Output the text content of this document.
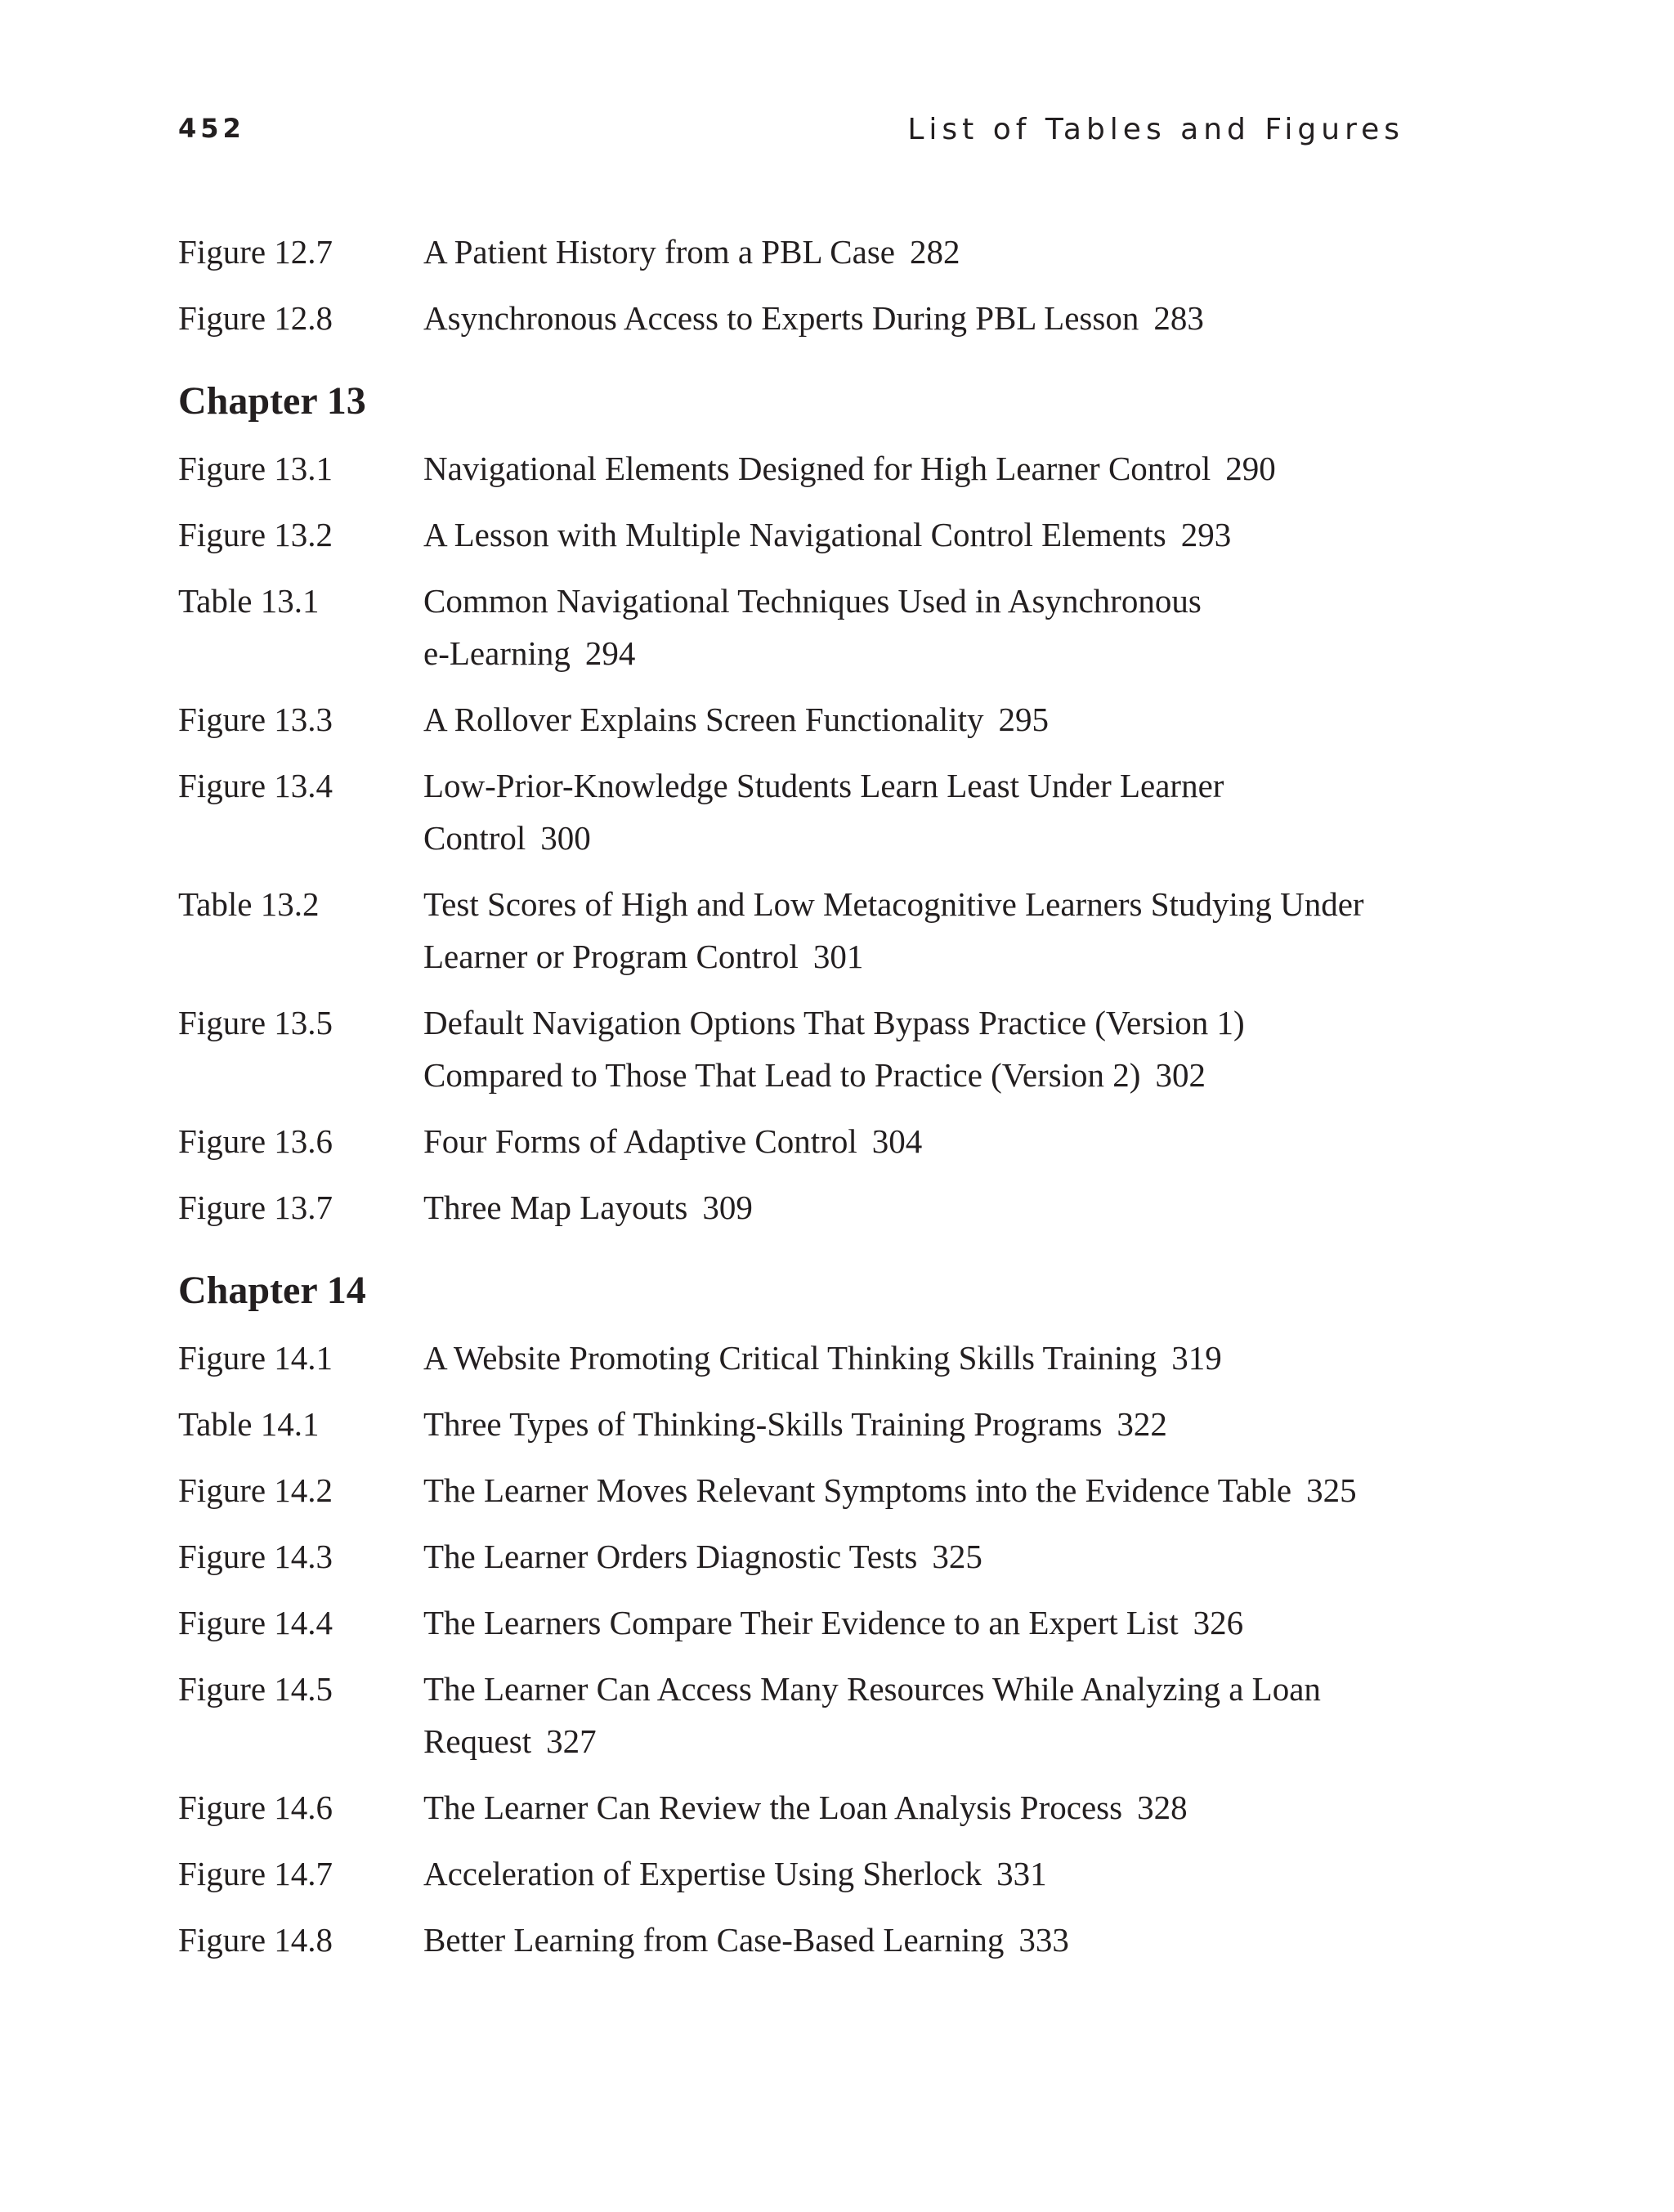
452	List of Tables and Figures
Figure 12.7	A Patient History from a PBL Case 282
Figure 12.8	Asynchronous Access to Experts During PBL Lesson 283
Chapter 13
Figure 13.1	Navigational Elements Designed for High Learner Control 290
Figure 13.2	A Lesson with Multiple Navigational Control Elements 293
Table 13.1	Common Navigational Techniques Used in Asynchronous
e-Learning 294
Figure 13.3	A Rollover Explains Screen Functionality 295
Figure 13.4	Low-Prior-Knowledge Students Learn Least Under Learner
Control 300
Table 13.2	Test Scores of High and Low Metacognitive Learners Studying Under
Learner or Program Control 301
Figure 13.5	Default Navigation Options That Bypass Practice (Version 1)
Compared to Those That Lead to Practice (Version 2) 302
Figure 13.6	Four Forms of Adaptive Control 304
Figure 13.7	Three Map Layouts 309
Chapter 14
Figure 14.1	A Website Promoting Critical Thinking Skills Training 319
Table 14.1	Three Types of Thinking-Skills Training Programs 322
Figure 14.2	The Learner Moves Relevant Symptoms into the Evidence Table 325
Figure 14.3	The Learner Orders Diagnostic Tests 325
Figure 14.4	The Learners Compare Their Evidence to an Expert List 326
Figure 14.5	The Learner Can Access Many Resources While Analyzing a Loan
Request 327
Figure 14.6	The Learner Can Review the Loan Analysis Process 328
Figure 14.7	Acceleration of Expertise Using Sherlock 331
Figure 14.8	Better Learning from Case-Based Learning 333
